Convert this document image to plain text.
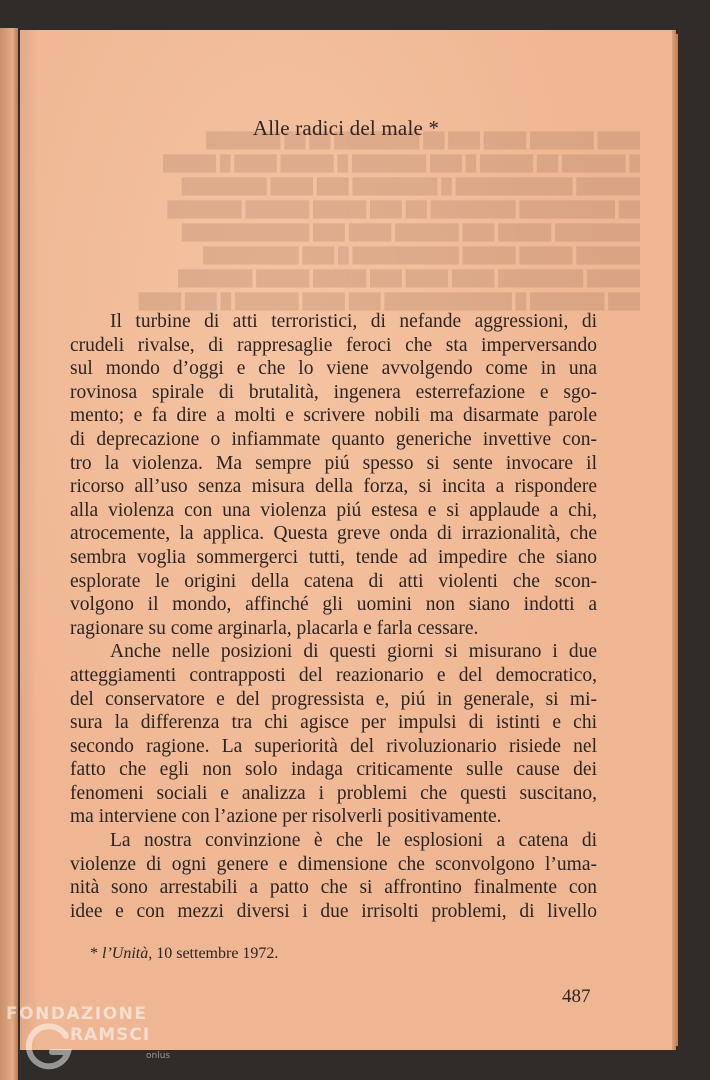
████ ██████ ████ ███ ██ ████████ ██ ██ ███████
█ ██████ ██ █████ █ ███ ███████ █ █████ ████ █ █████
██████ ███████████ █ ████████ ███ ████ ████████
██ █████████ ████████ ██ ███ █████ ██████ ███████
████████ █████ ███ ██████ ████ ███ ████████████
██████ █████ █████ ██████████ █ ███ █████████
█████ ████████ ████ ████ ███ █████ █████ ███████
███ ███████ █ ████████████ ███ ████ ██████ █ ███ ████
Alle radici del male *
Il turbine di atti terroristici, di nefande aggressioni, di
crudeli rivalse, di rappresaglie feroci che sta imperversando
sul mondo d’oggi e che lo viene avvolgendo come in una
rovinosa spirale di brutalità, ingenera esterrefazione e sgo-
mento; e fa dire a molti e scrivere nobili ma disarmate parole
di deprecazione o infiammate quanto generiche invettive con-
tro la violenza. Ma sempre piú spesso si sente invocare il
ricorso all’uso senza misura della forza, si incita a rispondere
alla violenza con una violenza piú estesa e si applaude a chi,
atrocemente, la applica. Questa greve onda di irrazionalità, che
sembra voglia sommergerci tutti, tende ad impedire che siano
esplorate le origini della catena di atti violenti che scon-
volgono il mondo, affinché gli uomini non siano indotti a
ragionare su come arginarla, placarla e farla cessare.
Anche nelle posizioni di questi giorni si misurano i due
atteggiamenti contrapposti del reazionario e del democratico,
del conservatore e del progressista e, piú in generale, si mi-
sura la differenza tra chi agisce per impulsi di istinti e chi
secondo ragione. La superiorità del rivoluzionario risiede nel
fatto che egli non solo indaga criticamente sulle cause dei
fenomeni sociali e analizza i problemi che questi suscitano,
ma interviene con l’azione per risolverli positivamente.
La nostra convinzione è che le esplosioni a catena di
violenze di ogni genere e dimensione che sconvolgono l’uma-
nità sono arrestabili a patto che si affrontino finalmente con
idee e con mezzi diversi i due irrisolti problemi, di livello
* l’Unità, 10 settembre 1972.
487
FONDAZIONE
RAMSCI
onlus
